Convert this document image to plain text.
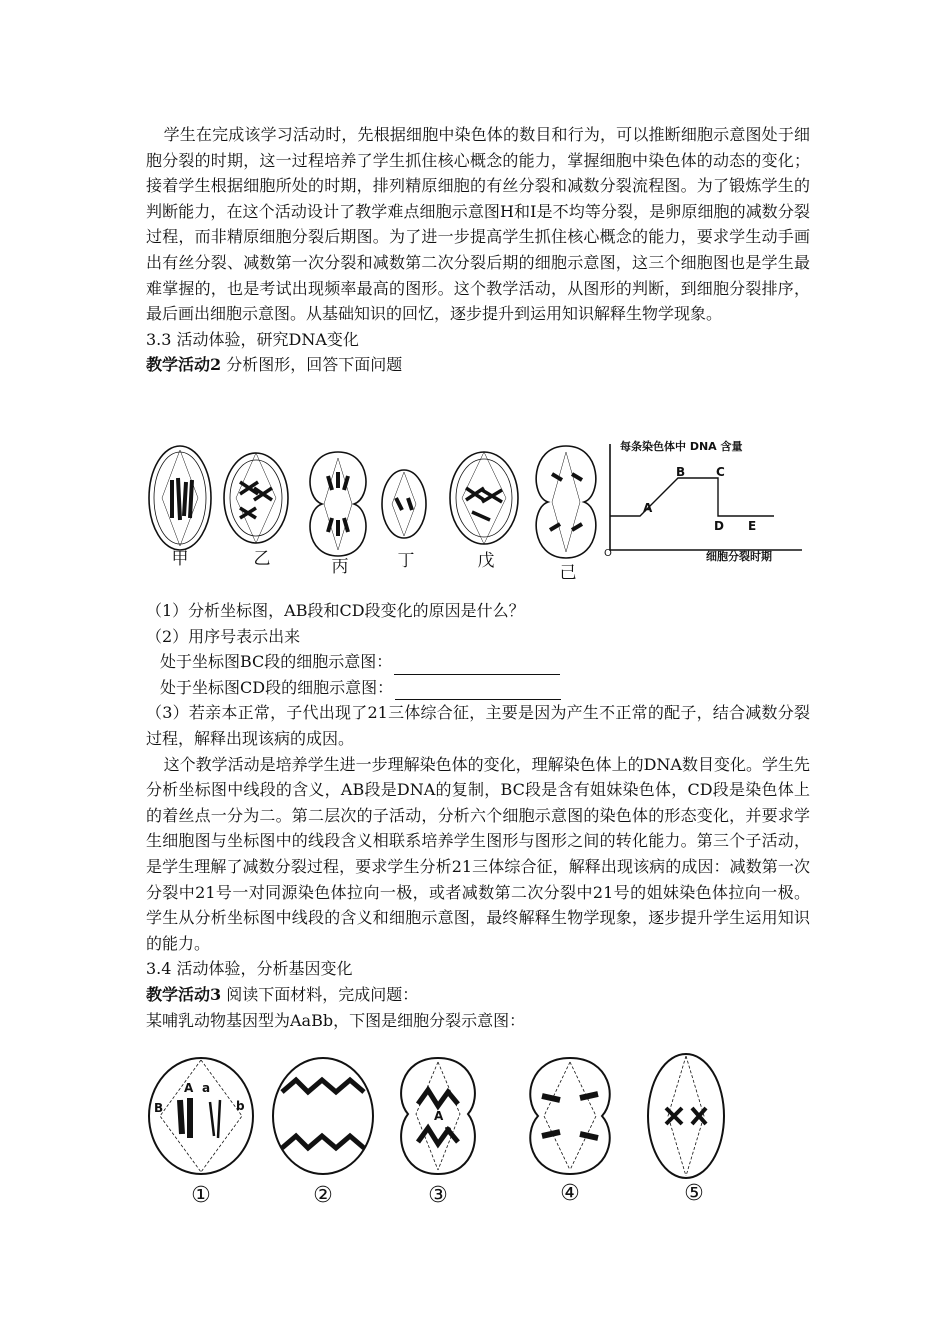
学生在完成该学习活动时，先根据细胞中染色体的数目和行为，可以推断细胞示意图处于细胞分裂的时期，这一过程培养了学生抓住核心概念的能力，掌握细胞中染色体的动态的变化；接着学生根据细胞所处的时期，排列精原细胞的有丝分裂和减数分裂流程图。为了锻炼学生的判断能力，在这个活动设计了教学难点细胞示意图H和I是不均等分裂，是卵原细胞的减数分裂过程，而非精原细胞分裂后期图。为了进一步提高学生抓住核心概念的能力，要求学生动手画出有丝分裂、减数第一次分裂和减数第二次分裂后期的细胞示意图，这三个细胞图也是学生最难掌握的，也是考试出现频率最高的图形。这个教学活动，从图形的判断，到细胞分裂排序，最后画出细胞示意图。从基础知识的回忆，逐步提升到运用知识解释生物学现象。

3.3 活动体验，研究DNA变化

教学活动2 分析图形，回答下面问题

甲	乙	丙	丁	戊
己
每条染色体中 DNA 含量
细胞分裂时期
O
A
B	C
D E

（1）分析坐标图，AB段和CD段变化的原因是什么？

（2）用序号表示出来

处于坐标图BC段的细胞示意图：

处于坐标图CD段的细胞示意图：

（3）若亲本正常，子代出现了21三体综合征，主要是因为产生不正常的配子，结合减数分裂过程，解释出现该病的成因。

这个教学活动是培养学生进一步理解染色体的变化，理解染色体上的DNA数目变化。学生先分析坐标图中线段的含义，AB段是DNA的复制，BC段是含有姐妹染色体，CD段是染色体上的着丝点一分为二。第二层次的子活动，分析六个细胞示意图的染色体的形态变化，并要求学生细胞图与坐标图中的线段含义相联系培养学生图形与图形之间的转化能力。第三个子活动，是学生理解了减数分裂过程，要求学生分析21三体综合征，解释出现该病的成因：减数第一次分裂中21号一对同源染色体拉向一极，或者减数第二次分裂中21号的姐妹染色体拉向一极。学生从分析坐标图中线段的含义和细胞示意图，最终解释生物学现象，逐步提升学生运用知识的能力。

3.4 活动体验，分析基因变化

教学活动3 阅读下面材料，完成问题：

某哺乳动物基因型为AaBb，下图是细胞分裂示意图：

B
A a
b
A
a
①	②	③	④	⑤
